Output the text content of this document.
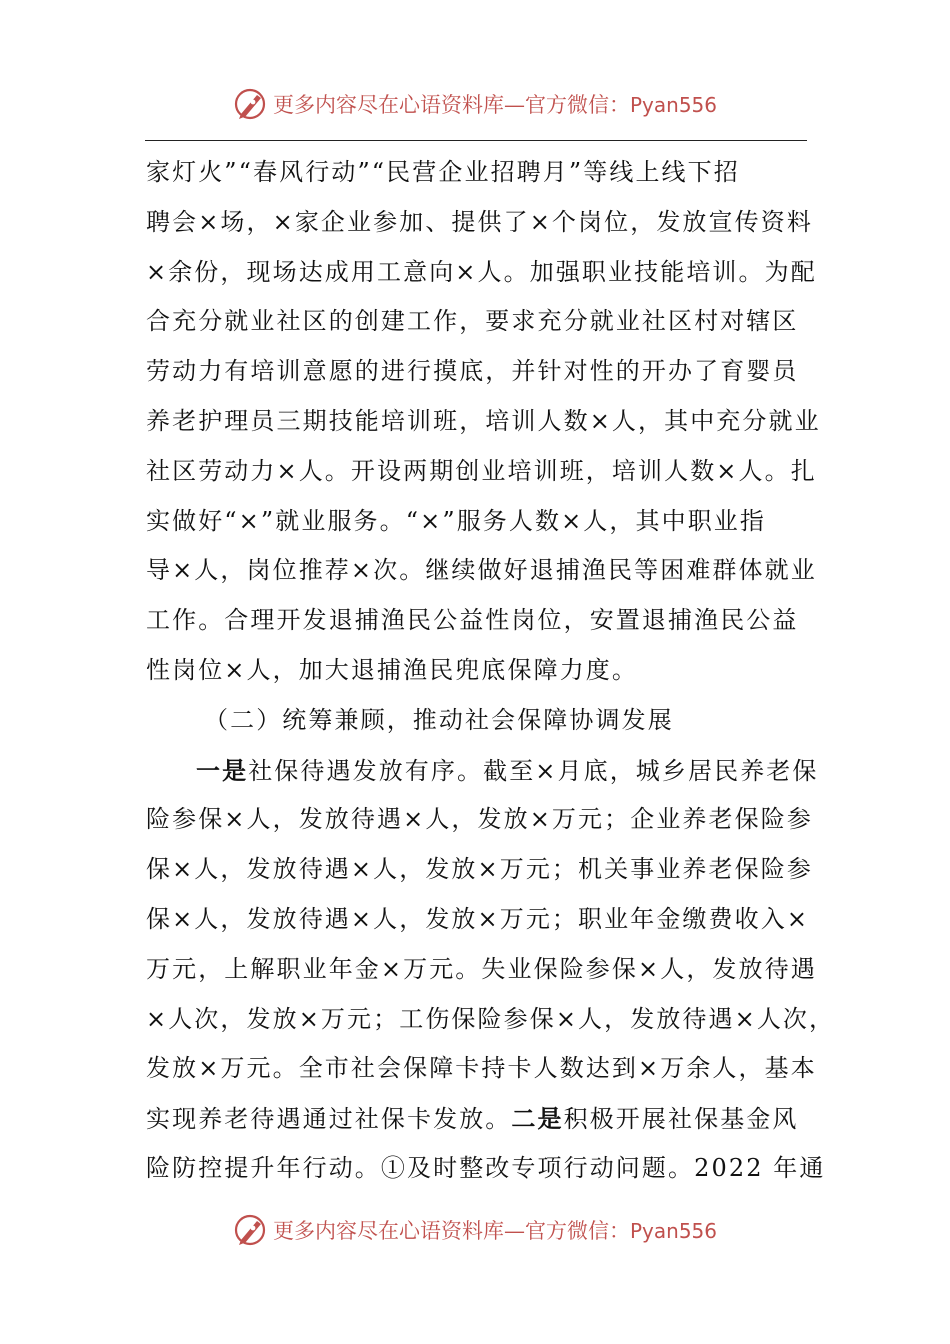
更多内容尽在心语资料库—官方微信：Pyan556

家灯火”“春风行动”“民营企业招聘月”等线上线下招
聘会×场，×家企业参加、提供了×个岗位，发放宣传资料
×余份，现场达成用工意向×人。加强职业技能培训。为配
合充分就业社区的创建工作，要求充分就业社区村对辖区
劳动力有培训意愿的进行摸底，并针对性的开办了育婴员
养老护理员三期技能培训班，培训人数×人，其中充分就业
社区劳动力×人。开设两期创业培训班，培训人数×人。扎
实做好“×”就业服务。“×”服务人数×人，其中职业指
导×人，岗位推荐×次。继续做好退捕渔民等困难群体就业
工作。合理开发退捕渔民公益性岗位，安置退捕渔民公益
性岗位×人，加大退捕渔民兜底保障力度。

（二）统筹兼顾，推动社会保障协调发展

一是社保待遇发放有序。截至×月底，城乡居民养老保
险参保×人，发放待遇×人，发放×万元；企业养老保险参
保×人，发放待遇×人，发放×万元；机关事业养老保险参
保×人，发放待遇×人，发放×万元；职业年金缴费收入×
万元，上解职业年金×万元。失业保险参保×人，发放待遇
×人次，发放×万元；工伤保险参保×人，发放待遇×人次，
发放×万元。全市社会保障卡持卡人数达到×万余人，基本
实现养老待遇通过社保卡发放。二是积极开展社保基金风
险防控提升年行动。①及时整改专项行动问题。2022 年通

更多内容尽在心语资料库—官方微信：Pyan556
